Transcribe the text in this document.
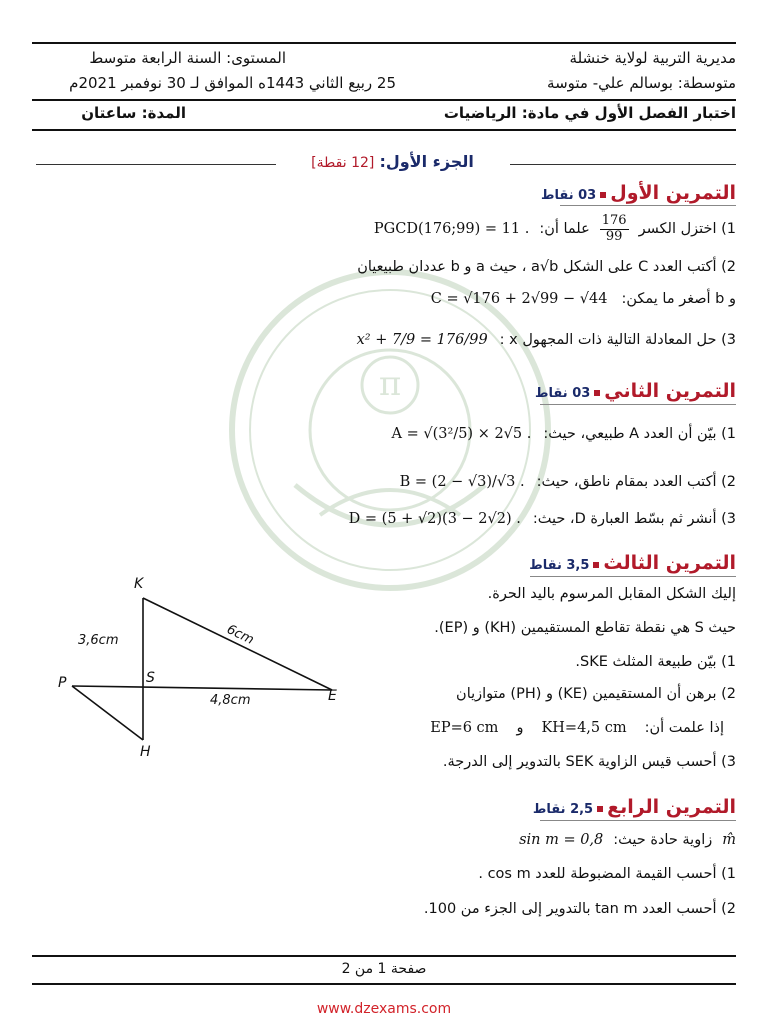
π
مديرية التربية لولاية خنشلة
متوسطة: بوسالم علي- متوسة
المستوى: السنة الرابعة متوسط
25 ربيع الثاني 1443ه الموافق لـ 30 نوفمبر 2021م
اختبار الفصل الأول في مادة: الرياضيات
المدة: ساعتان
الجزء الأول: [12 نقطة]
التمرين الأول03 نقاط
1) اختزل الكسر
$\frac{176}{99}$
علما أن:
PGCD(176;99) = 11 .
2) أكتب العدد C على الشكل a√b ، حيث a و b عددان طبيعيان
و b أصغر ما يمكن:
C = √176 + 2√99 − √44
3) حل المعادلة التالية ذات المجهول x :
x² + 7/9 = 176/99
التمرين الثاني03 نقاط
1) بيّن أن العدد A طبيعي، حيث:
A = √(3²/5) × 2√5 .
2) أكتب العدد بمقام ناطق، حيث:
B = (2 − √3)/√3 .
3) أنشر ثم بسّط العبارة D، حيث:
D = (5 + √2)(3 − 2√2) .
التمرين الثالث3,5 نقاط
إليك الشكل المقابل المرسوم باليد الحرة.
حيث S هي نقطة تقاطع المستقيمين (KH) و (EP).
1) بيّن طبيعة المثلث SKE.
2) برهن أن المستقيمين (KE) و (PH) متوازيان
إذا علمت أن:
KH=4,5 cm
و
EP=6 cm
3) أحسب قيس الزاوية SEK بالتدوير إلى الدرجة.
K
S
P
E
H
3,6cm	6cm
4,8cm
التمرين الرابع2,5 نقاط
m̂
زاوية حادة حيث:
sin m = 0,8
1) أحسب القيمة المضبوطة للعدد cos m .
2) أحسب العدد tan m بالتدوير إلى الجزء من 100.
صفحة 1 من 2
www.dzexams.com
